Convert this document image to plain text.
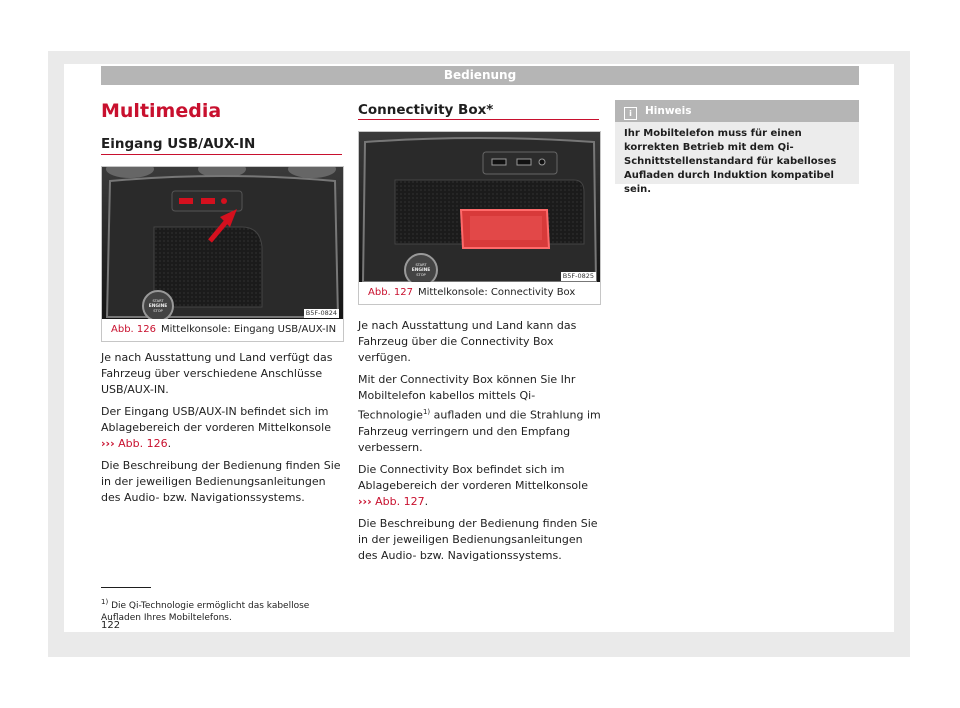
Bedienung
Multimedia
Eingang USB/AUX-IN
START
ENGINE
STOP	B5F-0824
Abb. 126 Mittelkonsole: Eingang USB/AUX-IN

Je nach Ausstattung und Land verfügt das Fahrzeug über verschiedene Anschlüsse USB/AUX-IN.

Der Eingang USB/AUX-IN befindet sich im Ablagebereich der vorderen Mittelkonsole
››› Abb. 126.

Die Beschreibung der Bedienung finden Sie in der jeweiligen Bedienungsanleitungen des Audio- bzw. Navigationssystems.

Connectivity Box*
START
ENGINE
STOP	B5F-0825
Abb. 127 Mittelkonsole: Connectivity Box

Je nach Ausstattung und Land kann das Fahrzeug über die Connectivity Box verfügen.

Mit der Connectivity Box können Sie Ihr Mobiltelefon kabellos mittels Qi-Technologie$^{1)}$ aufladen und die Strahlung im Fahrzeug verringern und den Empfang verbessern.

Die Connectivity Box befindet sich im Ablagebereich der vorderen Mittelkonsole
››› Abb. 127.

Die Beschreibung der Bedienung finden Sie in der jeweiligen Bedienungsanleitungen des Audio- bzw. Navigationssystems.

i Hinweis
Ihr Mobiltelefon muss für einen korrekten Betrieb mit dem Qi-Schnittstellenstandard für kabelloses Aufladen durch Induktion kompatibel sein.
$^{1)}$ Die Qi-Technologie ermöglicht das kabellose Aufladen Ihres Mobiltelefons.
122
